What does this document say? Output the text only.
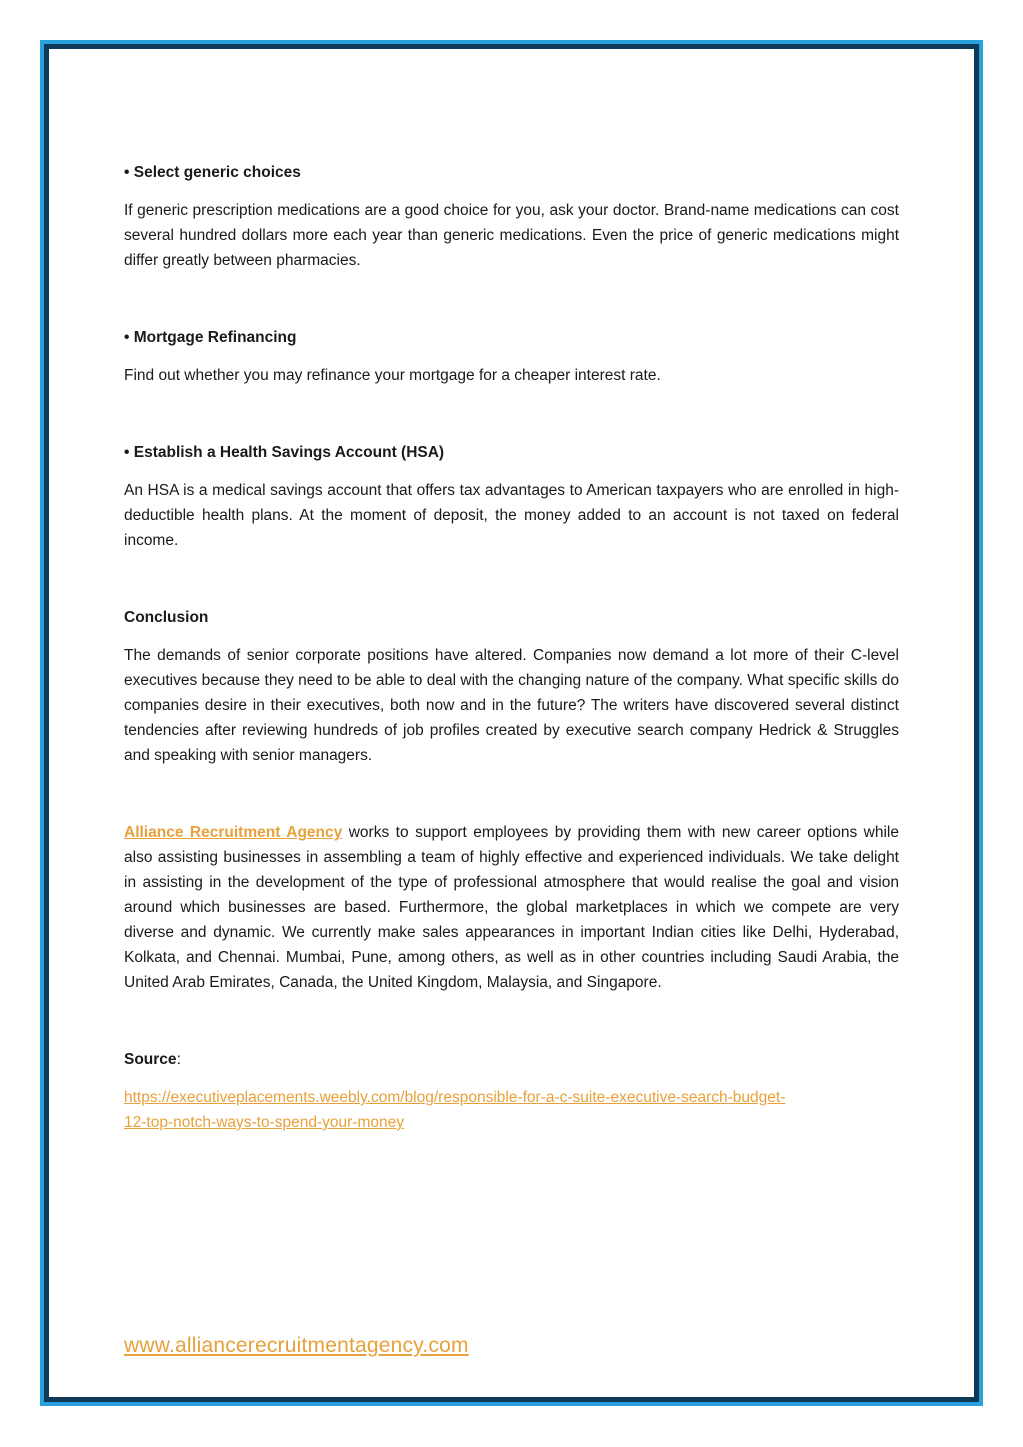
• Select generic choices

If generic prescription medications are a good choice for you, ask your doctor. Brand-name medications can cost several hundred dollars more each year than generic medications. Even the price of generic medications might differ greatly between pharmacies.

• Mortgage Refinancing

Find out whether you may refinance your mortgage for a cheaper interest rate.

• Establish a Health Savings Account (HSA)

An HSA is a medical savings account that offers tax advantages to American taxpayers who are enrolled in high-deductible health plans. At the moment of deposit, the money added to an account is not taxed on federal income.

Conclusion

The demands of senior corporate positions have altered. Companies now demand a lot more of their C-level executives because they need to be able to deal with the changing nature of the company. What specific skills do companies desire in their executives, both now and in the future? The writers have discovered several distinct tendencies after reviewing hundreds of job profiles created by executive search company Hedrick & Struggles and speaking with senior managers.

Alliance Recruitment Agency works to support employees by providing them with new career options while also assisting businesses in assembling a team of highly effective and experienced individuals. We take delight in assisting in the development of the type of professional atmosphere that would realise the goal and vision around which businesses are based. Furthermore, the global marketplaces in which we compete are very diverse and dynamic. We currently make sales appearances in important Indian cities like Delhi, Hyderabad, Kolkata, and Chennai. Mumbai, Pune, among others, as well as in other countries including Saudi Arabia, the United Arab Emirates, Canada, the United Kingdom, Malaysia, and Singapore.

Source:

https://executiveplacements.weebly.com/blog/responsible-for-a-c-suite-executive-search-budget-
12-top-notch-ways-to-spend-your-money
www.alliancerecruitmentagency.com
